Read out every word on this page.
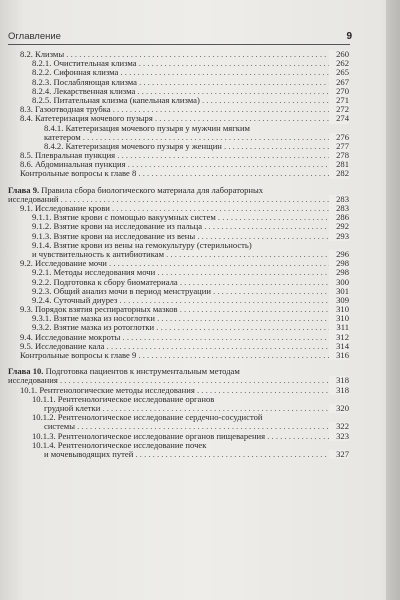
Оглавление	9
8.2. Клизмы . . .	260
8.2.1. Очистительная клизма . . .	262
8.2.2. Сифонная клизма . . .	265
8.2.3. Послабляющая клизма . . .	267
8.2.4. Лекарственная клизма . . .	270
8.2.5. Питательная клизма (капельная клизма) . . .	271
8.3. Газоотводная трубка . . .	272
8.4. Катетеризация мочевого пузыря . . .	274
8.4.1. Катетеризация мочевого пузыря у мужчин мягким
катетером . . .	276
8.4.2. Катетеризация мочевого пузыря у женщин . . .	277
8.5. Плевральная пункция . . .	278
8.6. Абдоминальная пункция . . .	281
Контрольные вопросы к главе 8 . . .	282
Глава 9. Правила сбора биологического материала для лабораторных
исследований . . .	283
9.1. Исследование крови . . .	283
9.1.1. Взятие крови с помощью вакуумных систем . . .	286
9.1.2. Взятие крови на исследование из пальца . . .	292
9.1.3. Взятие крови на исследование из вены . . .	293
9.1.4. Взятие крови из вены на гемокультуру (стерильность)
и чувствительность к антибиотикам . . .	296
9.2. Исследование мочи . . .	298
9.2.1. Методы исследования мочи . . .	298
9.2.2. Подготовка к сбору биоматериала . . .	300
9.2.3. Общий анализ мочи в период менструации . . .	301
9.2.4. Суточный диурез . . .	309
9.3. Порядок взятия респираторных мазков . . .	310
9.3.1. Взятие мазка из носоглотки . . .	310
9.3.2. Взятие мазка из ротоглотки . . .	311
9.4. Исследование мокроты . . .	312
9.5. Исследование кала . . .	314
Контрольные вопросы к главе 9 . . .	316
Глава 10. Подготовка пациентов к инструментальным методам
исследования . . .	318
10.1. Рентгенологические методы исследования . . .	318
10.1.1. Рентгенологическое исследование органов
грудной клетки . . .	320
10.1.2. Рентгенологическое исследование сердечно-сосудистой
системы . . .	322
10.1.3. Рентгенологическое исследование органов пищеварения . . .	323
10.1.4. Рентгенологическое исследование почек
и мочевыводящих путей . . .	327
